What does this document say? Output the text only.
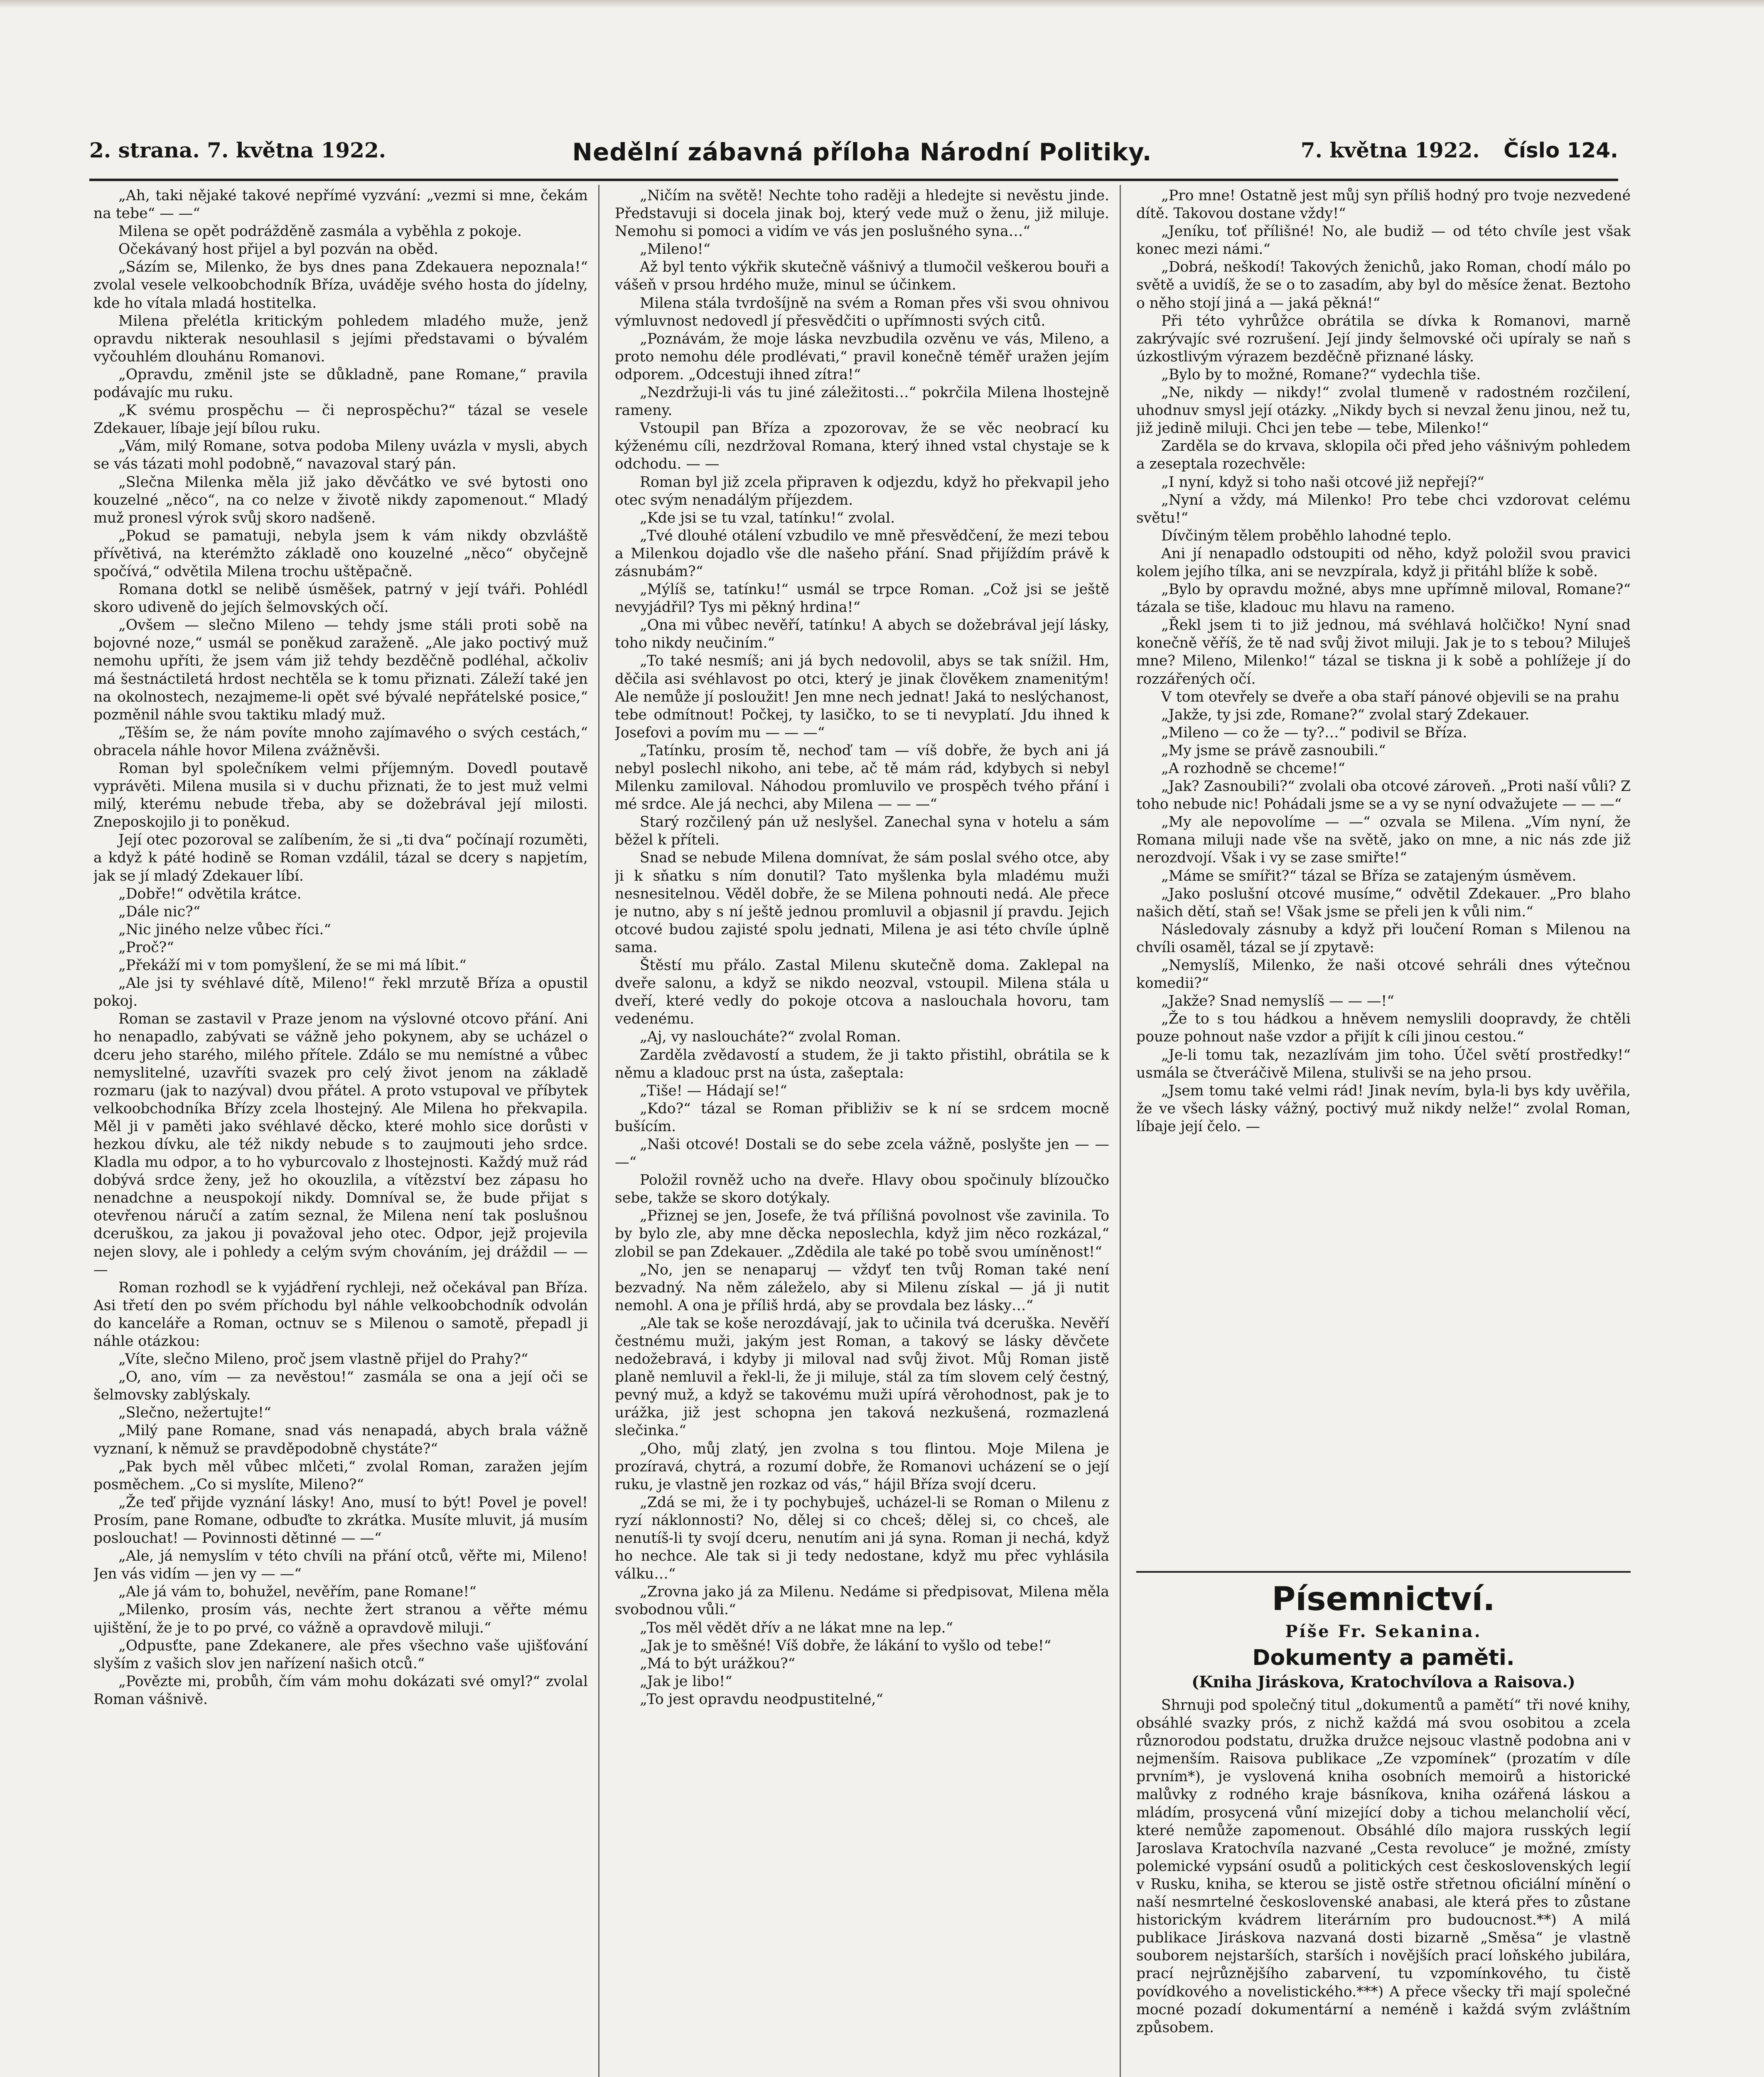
2. strana. 7. května 1922.	Nedělní zábavná příloha Národní Politiky.	7. května 1922. Číslo 124.

„Ah, taki nějaké takové nepřímé vyzvání: „vezmi si mne, čekám na tebe“ — —“

Milena se opět podrážděně zasmála a vyběhla z pokoje.

Očekávaný host přijel a byl pozván na oběd.

„Sázím se, Milenko, že bys dnes pana Zdekauera nepoznala!“ zvolal vesele velkoobchodník Bříza, uváděje svého hosta do jídelny, kde ho vítala mladá hostitelka.

Milena přelétla kritickým pohledem mladého muže, jenž opravdu nikterak nesouhlasil s jejími představami o bývalém vyčouhlém dlouhánu Romanovi.

„Opravdu, změnil jste se důkladně, pane Romane,“ pravila podávajíc mu ruku.

„K svému prospěchu — či neprospěchu?“ tázal se vesele Zdekauer, líbaje její bílou ruku.

„Vám, milý Romane, sotva podoba Mileny uvázla v mysli, abych se vás tázati mohl podobně,“ navazoval starý pán.

„Slečna Milenka měla již jako děvčátko ve své bytosti ono kouzelné „něco“, na co nelze v životě nikdy zapomenout.“ Mladý muž pronesl výrok svůj skoro nadšeně.

„Pokud se pamatuji, nebyla jsem k vám nikdy obzvláště přívětivá, na kterémžto základě ono kouzelné „něco“ obyčejně spočívá,“ odvětila Milena trochu uštěpačně.

Romana dotkl se nelibě úsměšek, patrný v její tváři. Pohlédl skoro udiveně do jejích šelmovských očí.

„Ovšem — slečno Mileno — tehdy jsme stáli proti sobě na bojovné noze,“ usmál se poněkud zaraženě. „Ale jako poctivý muž nemohu upříti, že jsem vám již tehdy bezděčně podléhal, ačkoliv má šestnáctiletá hrdost nechtěla se k tomu přiznati. Záleží také jen na okolnostech, nezajmeme-li opět své bývalé nepřátelské posice,“ pozměnil náhle svou taktiku mladý muž.

„Těším se, že nám povíte mnoho zajímavého o svých cestách,“ obracela náhle hovor Milena zvážněvši.

Roman byl společníkem velmi příjemným. Dovedl poutavě vyprávěti. Milena musila si v duchu přiznati, že to jest muž velmi milý, kterému nebude třeba, aby se dožebrával její milosti. Zneposkojilo ji to poněkud.

Její otec pozoroval se zalíbením, že si „ti dva“ počínají rozuměti, a když k páté hodině se Roman vzdálil, tázal se dcery s napjetím, jak se jí mladý Zdekauer líbí.

„Dobře!“ odvětila krátce.

„Dále nic?“

„Nic jiného nelze vůbec říci.“

„Proč?“

„Překáží mi v tom pomyšlení, že se mi má líbit.“

„Ale jsi ty svéhlavé dítě, Mileno!“ řekl mrzutě Bříza a opustil pokoj.

Roman se zastavil v Praze jenom na výslovné otcovo přání. Ani ho nenapadlo, zabývati se vážně jeho pokynem, aby se ucházel o dceru jeho starého, milého přítele. Zdálo se mu nemístné a vůbec nemyslitelné, uzavříti svazek pro celý život jenom na základě rozmaru (jak to nazýval) dvou přátel. A proto vstupoval ve příbytek velkoobchodníka Břízy zcela lhostejný. Ale Milena ho překvapila. Měl ji v paměti jako svéhlavé děcko, které mohlo sice dorůsti v hezkou dívku, ale též nikdy nebude s to zaujmouti jeho srdce. Kladla mu odpor, a to ho vyburcovalo z lhostejnosti. Každý muž rád dobývá srdce ženy, jež ho okouzlila, a vítězství bez zápasu ho nenadchne a neuspokojí nikdy. Domníval se, že bude přijat s otevřenou náručí a zatím seznal, že Milena není tak poslušnou dceruškou, za jakou ji považoval jeho otec. Odpor, jejž projevila nejen slovy, ale i pohledy a celým svým chováním, jej dráždil — — —

Roman rozhodl se k vyjádření rychleji, než očekával pan Bříza. Asi třetí den po svém příchodu byl náhle velkoobchodník odvolán do kanceláře a Roman, octnuv se s Milenou o samotě, přepadl ji náhle otázkou:

„Víte, slečno Mileno, proč jsem vlastně přijel do Prahy?“

„O, ano, vím — za nevěstou!“ zasmála se ona a její oči se šelmovsky zablýskaly.

„Slečno, nežertujte!“

„Milý pane Romane, snad vás nenapadá, abych brala vážně vyznaní, k němuž se pravděpodobně chystáte?“

„Pak bych měl vůbec mlčeti,“ zvolal Roman, zaražen jejím posměchem. „Co si myslíte, Mileno?“

„Že teď přijde vyznání lásky! Ano, musí to být! Povel je povel! Prosím, pane Romane, odbuďte to zkrátka. Musíte mluvit, já musím poslouchat! — Povinnosti dětinné — —“

„Ale, já nemyslím v této chvíli na přání otců, věřte mi, Mileno! Jen vás vidím — jen vy — —“

„Ale já vám to, bohužel, nevěřím, pane Romane!“

„Milenko, prosím vás, nechte žert stranou a věřte mému ujištění, že je to po prvé, co vážně a opravdově miluji.“

„Odpusťte, pane Zdekanere, ale přes všechno vaše ujišťování slyším z vašich slov jen nařízení našich otců.“

„Povězte mi, probůh, čím vám mohu dokázati své omyl?“ zvolal Roman vášnivě.

„Ničím na světě! Nechte toho raději a hledejte si nevěstu jinde. Představuji si docela jinak boj, který vede muž o ženu, již miluje. Nemohu si pomoci a vidím ve vás jen poslušného syna…“

„Mileno!“

Až byl tento výkřik skutečně vášnivý a tlumočil veškerou bouři a vášeň v prsou hrdého muže, minul se účinkem.

Milena stála tvrdošíjně na svém a Roman přes vši svou ohnivou výmluvnost nedovedl jí přesvědčiti o upřímnosti svých citů.

„Poznávám, že moje láska nevzbudila ozvěnu ve vás, Mileno, a proto nemohu déle prodlévati,“ pravil konečně téměř uražen jejím odporem. „Odcestuji ihned zítra!“

„Nezdržuji-li vás tu jiné záležitosti…“ pokrčila Milena lhostejně rameny.

Vstoupil pan Bříza a zpozorovav, že se věc neobrací ku kýženému cíli, nezdržoval Romana, který ihned vstal chystaje se k odchodu. — —

Roman byl již zcela připraven k odjezdu, když ho překvapil jeho otec svým nenadálým příjezdem.

„Kde jsi se tu vzal, tatínku!“ zvolal.

„Tvé dlouhé otálení vzbudilo ve mně přesvědčení, že mezi tebou a Milenkou dojadlo vše dle našeho přání. Snad přijíždím právě k zásnubám?“

„Mýlíš se, tatínku!“ usmál se trpce Roman. „Což jsi se ještě nevyjádřil? Tys mi pěkný hrdina!“

„Ona mi vůbec nevěří, tatínku! A abych se dožebrával její lásky, toho nikdy neučiním.“

„To také nesmíš; ani já bych nedovolil, abys se tak snížil. Hm, děčila asi svéhlavost po otci, který je jinak člověkem znamenitým! Ale nemůže jí posloužit! Jen mne nech jednat! Jaká to neslýchanost, tebe odmítnout! Počkej, ty lasičko, to se ti nevyplatí. Jdu ihned k Josefovi a povím mu — — —“

„Tatínku, prosím tě, nechoď tam — víš dobře, že bych ani já nebyl poslechl nikoho, ani tebe, ač tě mám rád, kdybych si nebyl Milenku zamiloval. Náhodou promluvilo ve prospěch tvého přání i mé srdce. Ale já nechci, aby Milena — — —“

Starý rozčilený pán už neslyšel. Zanechal syna v hotelu a sám běžel k příteli.

Snad se nebude Milena domnívat, že sám poslal svého otce, aby ji k sňatku s ním donutil? Tato myšlenka byla mladému muži nesnesitelnou. Věděl dobře, že se Milena pohnouti nedá. Ale přece je nutno, aby s ní ještě jednou promluvil a objasnil jí pravdu. Jejich otcové budou zajisté spolu jednati, Milena je asi této chvíle úplně sama.

Štěstí mu přálo. Zastal Milenu skutečně doma. Zaklepal na dveře salonu, a když se nikdo neozval, vstoupil. Milena stála u dveří, které vedly do pokoje otcova a naslouchala hovoru, tam vedenému.

„Aj, vy nasloucháte?“ zvolal Roman.

Zarděla zvědavostí a studem, že ji takto přistihl, obrátila se k němu a kladouc prst na ústa, zašeptala:

„Tiše! — Hádají se!“

„Kdo?“ tázal se Roman přibliživ se k ní se srdcem mocně bušícím.

„Naši otcové! Dostali se do sebe zcela vážně, poslyšte jen — — —“

Položil rovněž ucho na dveře. Hlavy obou spočinuly blízoučko sebe, takže se skoro dotýkaly.

„Přiznej se jen, Josefe, že tvá přílišná povolnost vše zavinila. To by bylo zle, aby mne děcka neposlechla, když jim něco rozkázal,“ zlobil se pan Zdekauer. „Zdědila ale také po tobě svou umíněnost!“

„No, jen se nenaparuj — vždyť ten tvůj Roman také není bezvadný. Na něm záleželo, aby si Milenu získal — já ji nutit nemohl. A ona je příliš hrdá, aby se provdala bez lásky…“

„Ale tak se koše nerozdávají, jak to učinila tvá dceruška. Nevěří čestnému muži, jakým jest Roman, a takový se lásky děvčete nedožebravá, i kdyby ji miloval nad svůj život. Můj Roman jistě planě nemluvil a řekl-li, že ji miluje, stál za tím slovem celý čestný, pevný muž, a když se takovému muži upírá věrohodnost, pak je to urážka, již jest schopna jen taková nezkušená, rozmazlená slečinka.“

„Oho, můj zlatý, jen zvolna s tou flintou. Moje Milena je prozíravá, chytrá, a rozumí dobře, že Romanovi ucházení se o její ruku, je vlastně jen rozkaz od vás,“ hájil Bříza svojí dceru.

„Zdá se mi, že i ty pochybuješ, ucházel-li se Roman o Milenu z ryzí náklonnosti? No, dělej si co chceš; dělej si, co chceš, ale nenutíš-li ty svojí dceru, nenutím ani já syna. Roman ji nechá, když ho nechce. Ale tak si ji tedy nedostane, když mu přec vyhlásila válku…“

„Zrovna jako já za Milenu. Nedáme si předpisovat, Milena měla svobodnou vůli.“

„Tos měl vědět dřív a ne lákat mne na lep.“

„Jak je to směšné! Víš dobře, že lákání to vyšlo od tebe!“

„Má to být urážkou?“

„Jak je libo!“

„To jest opravdu neodpustitelné,“

„Pro mne! Ostatně jest můj syn příliš hodný pro tvoje nezvedené dítě. Takovou dostane vždy!“

„Jeníku, toť přílišné! No, ale budiž — od této chvíle jest však konec mezi námi.“

„Dobrá, neškodí! Takových ženichů, jako Roman, chodí málo po světě a uvidíš, že se o to zasadím, aby byl do měsíce ženat. Beztoho o něho stojí jiná a — jaká pěkná!“

Při této vyhrůžce obrátila se dívka k Romanovi, marně zakrývajíc své rozrušení. Její jindy šelmovské oči upíraly se naň s úzkostlivým výrazem bezděčně přiznané lásky.

„Bylo by to možné, Romane?“ vydechla tiše.

„Ne, nikdy — nikdy!“ zvolal tlumeně v radostném rozčilení, uhodnuv smysl její otázky. „Nikdy bych si nevzal ženu jinou, než tu, již jedině miluji. Chci jen tebe — tebe, Milenko!“

Zarděla se do krvava, sklopila oči před jeho vášnivým pohledem a zeseptala rozechvěle:

„I nyní, když si toho naši otcové již nepřejí?“

„Nyní a vždy, má Milenko! Pro tebe chci vzdorovat celému světu!“

Dívčiným tělem proběhlo lahodné teplo.

Ani jí nenapadlo odstoupiti od něho, když položil svou pravici kolem jejího tílka, ani se nevzpírala, když ji přitáhl blíže k sobě.

„Bylo by opravdu možné, abys mne upřímně miloval, Romane?“ tázala se tiše, kladouc mu hlavu na rameno.

„Řekl jsem ti to již jednou, má svéhlavá holčičko! Nyní snad konečně věříš, že tě nad svůj život miluji. Jak je to s tebou? Miluješ mne? Mileno, Milenko!“ tázal se tiskna ji k sobě a pohlížeje jí do rozzářených očí.

V tom otevřely se dveře a oba staří pánové objevili se na prahu

„Jakže, ty jsi zde, Romane?“ zvolal starý Zdekauer.

„Mileno — co že — ty?…“ podivil se Bříza.

„My jsme se právě zasnoubili.“

„A rozhodně se chceme!“

„Jak? Zasnoubili?“ zvolali oba otcové zároveň. „Proti naší vůli? Z toho nebude nic! Pohádali jsme se a vy se nyní odvažujete — — —“

„My ale nepovolíme — —“ ozvala se Milena. „Vím nyní, že Romana miluji nade vše na světě, jako on mne, a nic nás zde již nerozdvojí. Však i vy se zase smiřte!“

„Máme se smířit?“ tázal se Bříza se zatajeným úsměvem.

„Jako poslušní otcové musíme,“ odvětil Zdekauer. „Pro blaho našich dětí, staň se! Však jsme se přeli jen k vůli nim.“

Následovaly zásnuby a když při loučení Roman s Milenou na chvíli osaměl, tázal se jí zpytavě:

„Nemyslíš, Milenko, že naši otcové sehráli dnes výtečnou komedii?“

„Jakže? Snad nemyslíš — — —!“

„Že to s tou hádkou a hněvem nemyslili doopravdy, že chtěli pouze pohnout naše vzdor a přijít k cíli jinou cestou.“

„Je-li tomu tak, nezazlívám jim toho. Účel světí prostředky!“ usmála se čtveráčivě Milena, stulivši se na jeho prsou.

„Jsem tomu také velmi rád! Jinak nevím, byla-li bys kdy uvěřila, že ve všech lásky vážný, poctivý muž nikdy nelže!“ zvolal Roman, líbaje její čelo. —

Písemnictví.
Píše Fr. Sekanina.
Dokumenty a paměti.
(Kniha Jiráskova, Kratochvílova a Raisova.)

Shrnuji pod společný titul „dokumentů a pamětí“ tři nové knihy, obsáhlé svazky prós, z nichž každá má svou osobitou a zcela různorodou podstatu, družka družce nejsouc vlastně podobna ani v nejmenším. Raisova publikace „Ze vzpomínek“ (prozatím v díle prvním*), je vyslovená kniha osobních memoirů a historické malůvky z rodného kraje básníkova, kniha ozářená láskou a mládím, prosycená vůní mizející doby a tichou melancholií věcí, které nemůže zapomenout. Obsáhlé dílo majora rusských legií Jaroslava Kratochvíla nazvané „Cesta revoluce“ je možné, zmísty polemické vypsání osudů a politických cest československých legií v Rusku, kniha, se kterou se jistě ostře střetnou oficiální mínění o naší nesmrtelné československé anabasi, ale která přes to zůstane historickým kvádrem literárním pro budoucnost.**) A milá publikace Jiráskova nazvaná dosti bizarně „Směsa“ je vlastně souborem nejstarších, starších i novějších prací loňského jubilára, prací nejrůznějšího zabarvení, tu vzpomínkového, tu čistě povídkového a novelistického.***) A přece všecky tři mají společné mocné pozadí dokumentární a neméně i každá svým zvláštním způsobem.
